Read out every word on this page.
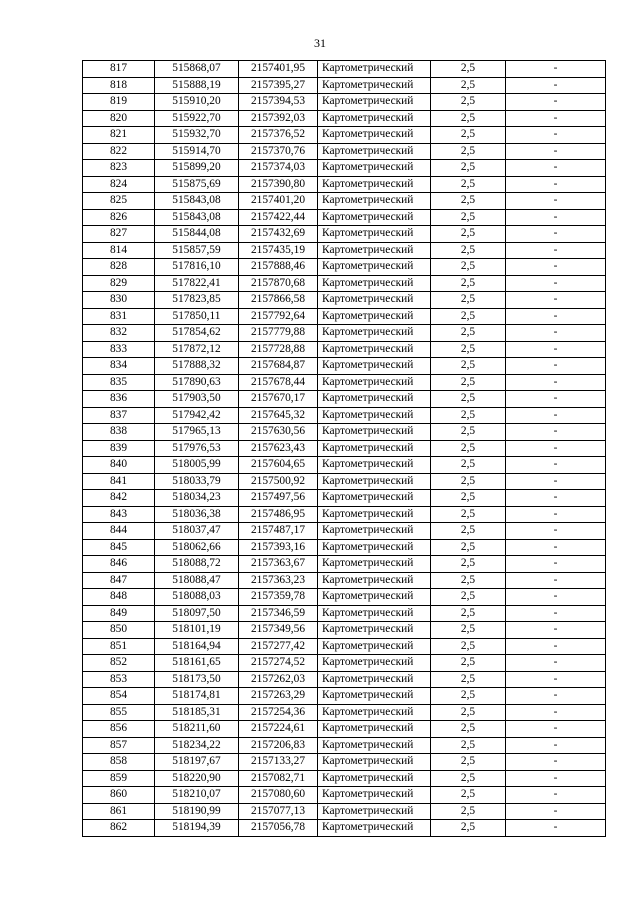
31
817	515868,07	2157401,95	Картометрический	2,5	-
818	515888,19	2157395,27	Картометрический	2,5	-
819	515910,20	2157394,53	Картометрический	2,5	-
820	515922,70	2157392,03	Картометрический	2,5	-
821	515932,70	2157376,52	Картометрический	2,5	-
822	515914,70	2157370,76	Картометрический	2,5	-
823	515899,20	2157374,03	Картометрический	2,5	-
824	515875,69	2157390,80	Картометрический	2,5	-
825	515843,08	2157401,20	Картометрический	2,5	-
826	515843,08	2157422,44	Картометрический	2,5	-
827	515844,08	2157432,69	Картометрический	2,5	-
814	515857,59	2157435,19	Картометрический	2,5	-
828	517816,10	2157888,46	Картометрический	2,5	-
829	517822,41	2157870,68	Картометрический	2,5	-
830	517823,85	2157866,58	Картометрический	2,5	-
831	517850,11	2157792,64	Картометрический	2,5	-
832	517854,62	2157779,88	Картометрический	2,5	-
833	517872,12	2157728,88	Картометрический	2,5	-
834	517888,32	2157684,87	Картометрический	2,5	-
835	517890,63	2157678,44	Картометрический	2,5	-
836	517903,50	2157670,17	Картометрический	2,5	-
837	517942,42	2157645,32	Картометрический	2,5	-
838	517965,13	2157630,56	Картометрический	2,5	-
839	517976,53	2157623,43	Картометрический	2,5	-
840	518005,99	2157604,65	Картометрический	2,5	-
841	518033,79	2157500,92	Картометрический	2,5	-
842	518034,23	2157497,56	Картометрический	2,5	-
843	518036,38	2157486,95	Картометрический	2,5	-
844	518037,47	2157487,17	Картометрический	2,5	-
845	518062,66	2157393,16	Картометрический	2,5	-
846	518088,72	2157363,67	Картометрический	2,5	-
847	518088,47	2157363,23	Картометрический	2,5	-
848	518088,03	2157359,78	Картометрический	2,5	-
849	518097,50	2157346,59	Картометрический	2,5	-
850	518101,19	2157349,56	Картометрический	2,5	-
851	518164,94	2157277,42	Картометрический	2,5	-
852	518161,65	2157274,52	Картометрический	2,5	-
853	518173,50	2157262,03	Картометрический	2,5	-
854	518174,81	2157263,29	Картометрический	2,5	-
855	518185,31	2157254,36	Картометрический	2,5	-
856	518211,60	2157224,61	Картометрический	2,5	-
857	518234,22	2157206,83	Картометрический	2,5	-
858	518197,67	2157133,27	Картометрический	2,5	-
859	518220,90	2157082,71	Картометрический	2,5	-
860	518210,07	2157080,60	Картометрический	2,5	-
861	518190,99	2157077,13	Картометрический	2,5	-
862	518194,39	2157056,78	Картометрический	2,5	-
